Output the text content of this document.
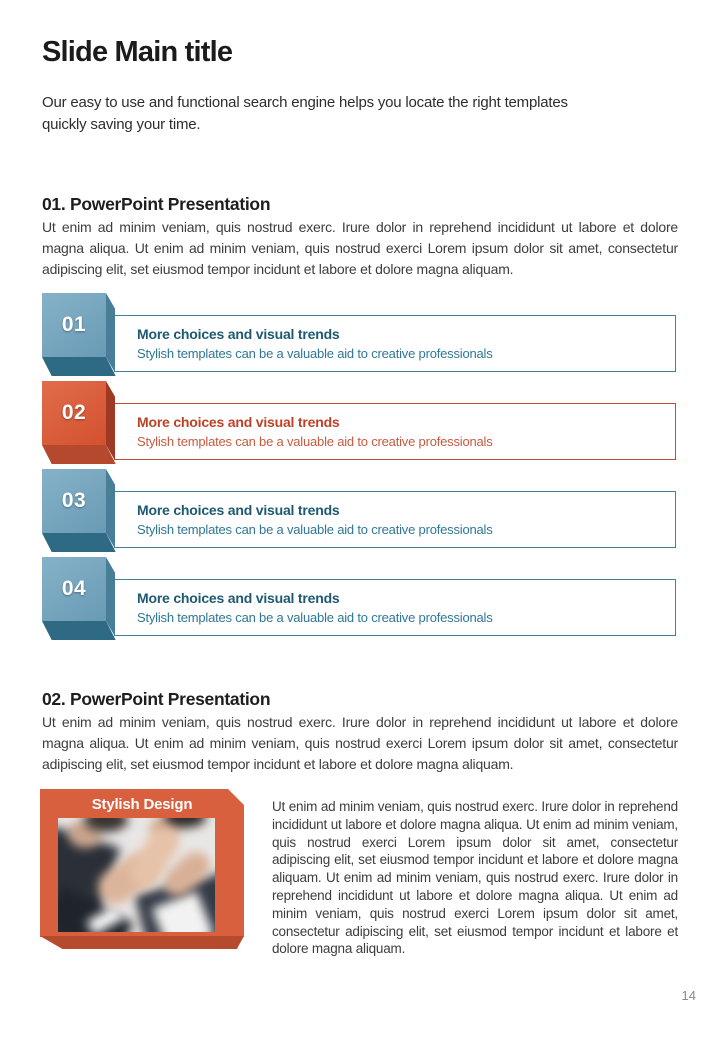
Slide Main title

Our easy to use and functional search engine helps you locate the right templates quickly saving your time.

01. PowerPoint Presentation

Ut enim ad minim veniam, quis nostrud exerc. Irure dolor in reprehend incididunt ut labore et dolore magna aliqua. Ut enim ad minim veniam, quis nostrud exerci Lorem ipsum dolor sit amet, consectetur adipiscing elit, set eiusmod tempor incidunt et labore et dolore magna aliquam.

01	More choices and visual trends
Stylish templates can be a valuable aid to creative professionals
02	More choices and visual trends
Stylish templates can be a valuable aid to creative professionals
03	More choices and visual trends
Stylish templates can be a valuable aid to creative professionals
04	More choices and visual trends
Stylish templates can be a valuable aid to creative professionals
02. PowerPoint Presentation

Ut enim ad minim veniam, quis nostrud exerc. Irure dolor in reprehend incididunt ut labore et dolore magna aliqua. Ut enim ad minim veniam, quis nostrud exerci Lorem ipsum dolor sit amet, consectetur adipiscing elit, set eiusmod tempor incidunt et labore et dolore magna aliquam.

Stylish Design	Ut enim ad minim veniam, quis nostrud exerc. Irure dolor in reprehend incididunt ut labore et dolore magna aliqua. Ut enim ad minim veniam, quis nostrud exerci Lorem ipsum dolor sit amet, consectetur adipiscing elit, set eiusmod tempor incidunt et labore et dolore magna aliquam. Ut enim ad minim veniam, quis nostrud exerc. Irure dolor in reprehend incididunt ut labore et dolore magna aliqua. Ut enim ad minim veniam, quis nostrud exerci Lorem ipsum dolor sit amet, consectetur adipiscing elit, set eiusmod tempor incidunt et labore et dolore magna aliquam.

14
